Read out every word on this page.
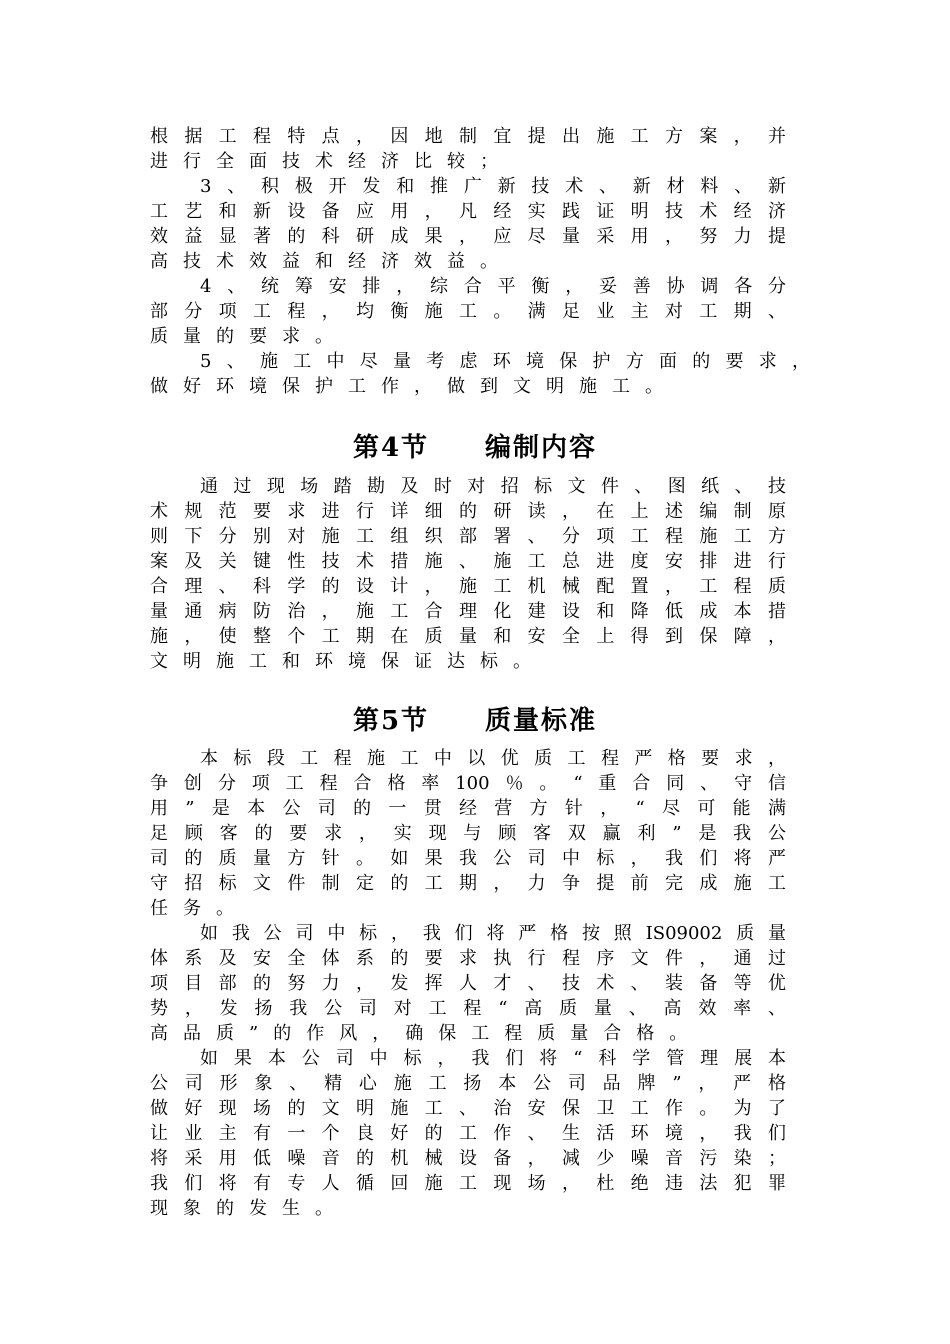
根据工程特点，因地制宜提出施工方案，并
进行全面技术经济比较；
3、积极开发和推广新技术、新材料、新
工艺和新设备应用，凡经实践证明技术经济
效益显著的科研成果，应尽量采用，努力提
高技术效益和经济效益。
4、统筹安排，综合平衡，妥善协调各分
部分项工程，均衡施工。满足业主对工期、
质量的要求。
5、施工中尽量考虑环境保护方面的要求，
做好环境保护工作，做到文明施工。
第4节 编制内容
通过现场踏勘及时对招标文件、图纸、技
术规范要求进行详细的研读，在上述编制原
则下分别对施工组织部署、分项工程施工方
案及关键性技术措施、施工总进度安排进行
合理、科学的设计，施工机械配置，工程质
量通病防治，施工合理化建设和降低成本措
施，使整个工期在质量和安全上得到保障，
文明施工和环境保证达标。
第5节 质量标准
本标段工程施工中以优质工程严格要求，
争创分项工程合格率100％。“重合同、守信
用”是本公司的一贯经营方针，“尽可能满
足顾客的要求，实现与顾客双赢利”是我公
司的质量方针。如果我公司中标，我们将严
守招标文件制定的工期，力争提前完成施工
任务。
如我公司中标，我们将严格按照IS09002质量
体系及安全体系的要求执行程序文件，通过
项目部的努力，发挥人才、技术、装备等优
势，发扬我公司对工程“高质量、高效率、
高品质”的作风，确保工程质量合格。
如果本公司中标，我们将“科学管理展本
公司形象、精心施工扬本公司品牌”，严格
做好现场的文明施工、治安保卫工作。为了
让业主有一个良好的工作、生活环境，我们
将采用低噪音的机械设备，减少噪音污染；
我们将有专人循回施工现场，杜绝违法犯罪
现象的发生。
